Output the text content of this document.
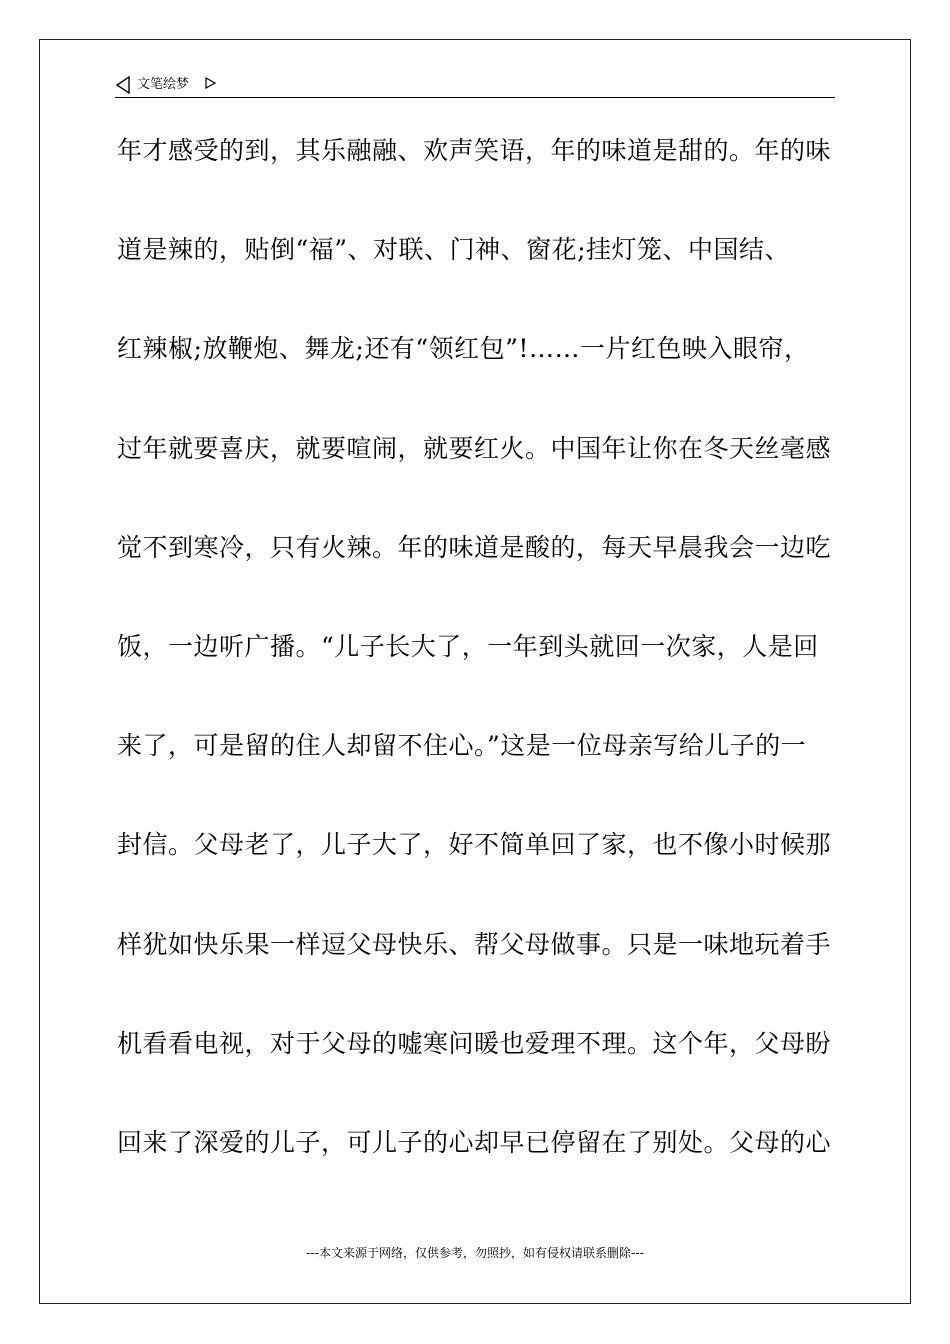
文笔绘梦
年才感受的到，其乐融融、欢声笑语，年的味道是甜的。年的味
道是辣的，贴倒“福”、对联、门神、窗花;挂灯笼、中国结、
红辣椒;放鞭炮、舞龙;还有“领红包”!……一片红色映入眼帘，
过年就要喜庆，就要喧闹，就要红火。中国年让你在冬天丝毫感
觉不到寒冷，只有火辣。年的味道是酸的，每天早晨我会一边吃
饭，一边听广播。“儿子长大了，一年到头就回一次家，人是回
来了，可是留的住人却留不住心。”这是一位母亲写给儿子的一
封信。父母老了，儿子大了，好不简单回了家，也不像小时候那
样犹如快乐果一样逗父母快乐、帮父母做事。只是一味地玩着手
机看看电视，对于父母的嘘寒问暖也爱理不理。这个年，父母盼
回来了深爱的儿子，可儿子的心却早已停留在了别处。父母的心
---本文来源于网络，仅供参考，勿照抄，如有侵权请联系删除---
